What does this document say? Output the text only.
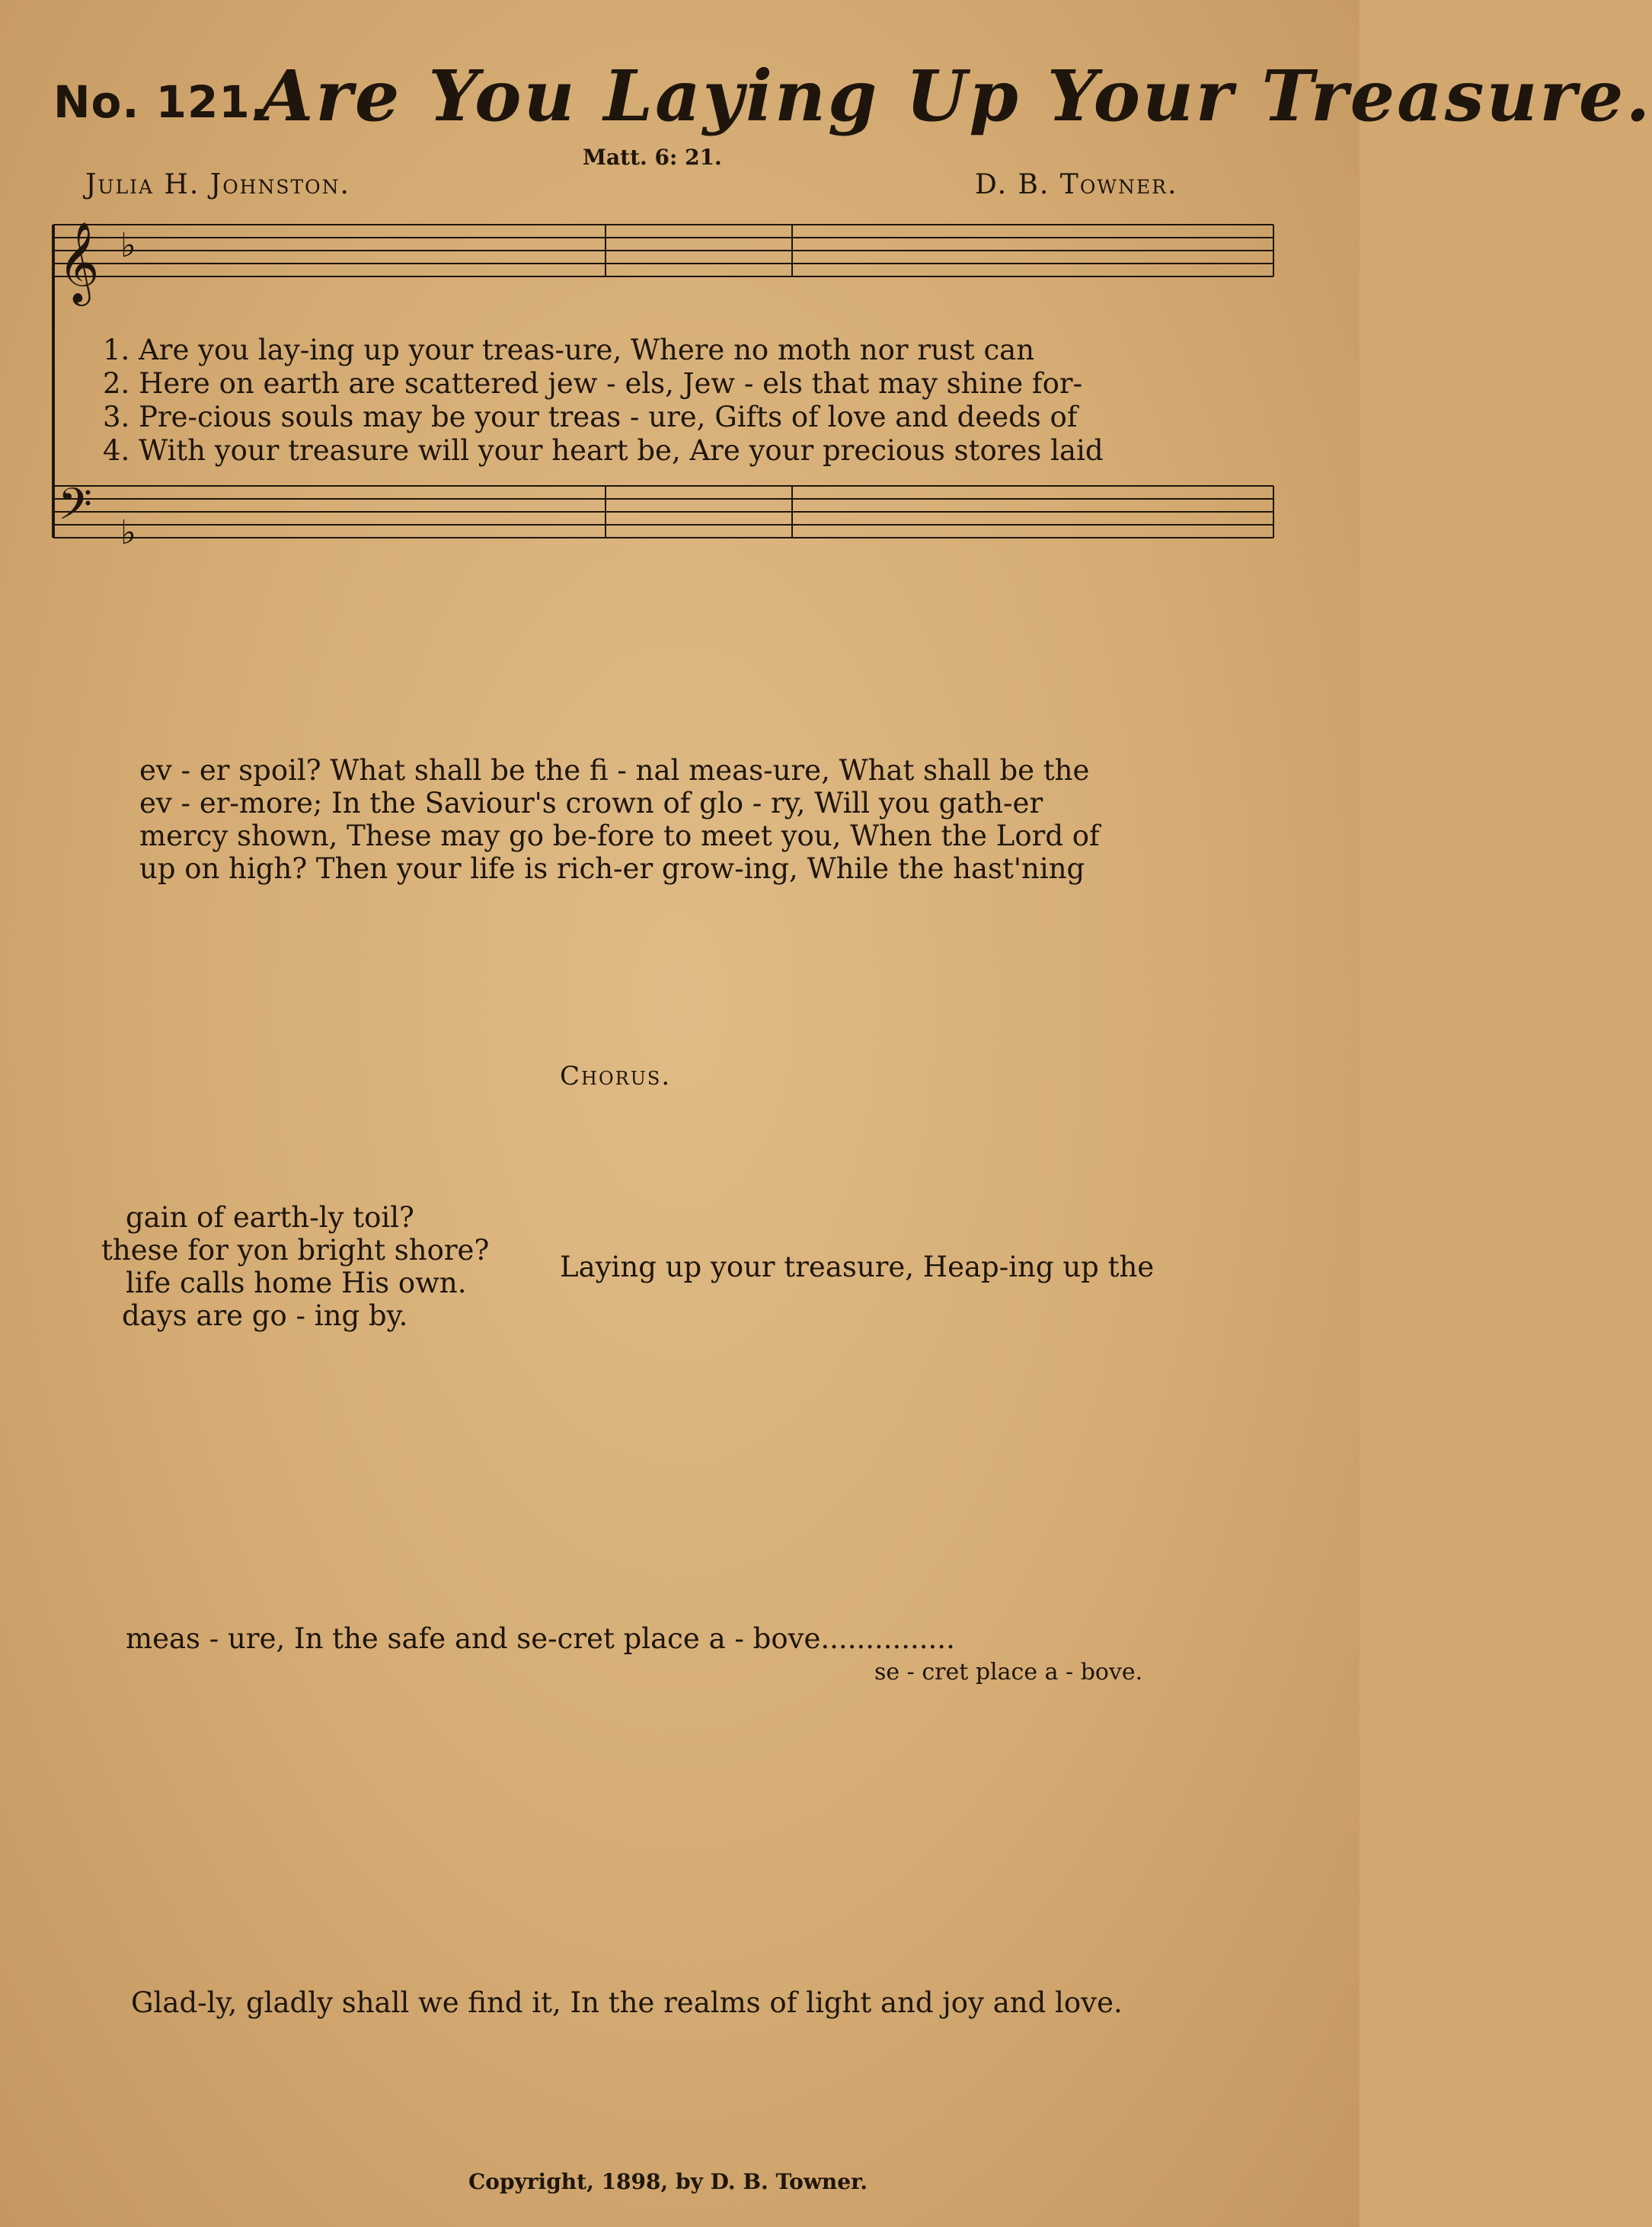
No. 121.
Are You Laying Up Your Treasure.
Matt. 6: 21.
Julia H. Johnston.	D. B. Towner.
𝄞 ♭
𝄢 ♭
1. Are you lay-ing up your treas-ure, Where no moth nor rust can
2. Here on earth are scattered jew - els, Jew - els that may shine for-
3. Pre-cious souls may be your treas - ure, Gifts of love and deeds of
4. With your treasure will your heart be, Are your precious stores laid
ev - er spoil? What shall be the fi - nal meas-ure, What shall be the
ev - er-more; In the Saviour's crown of glo - ry, Will you gath-er
mercy shown, These may go be-fore to meet you, When the Lord of
up on high? Then your life is rich-er grow-ing, While the hast'ning
Chorus.
gain of earth-ly toil?
these for yon bright shore?
life calls home His own.
days are go - ing by.
Laying up your treasure, Heap-ing up the
meas - ure, In the safe and se-cret place a - bove...............
se - cret place a - bove.
Glad-ly, gladly shall we find it, In the realms of light and joy and love.
Copyright, 1898, by D. B. Towner.
